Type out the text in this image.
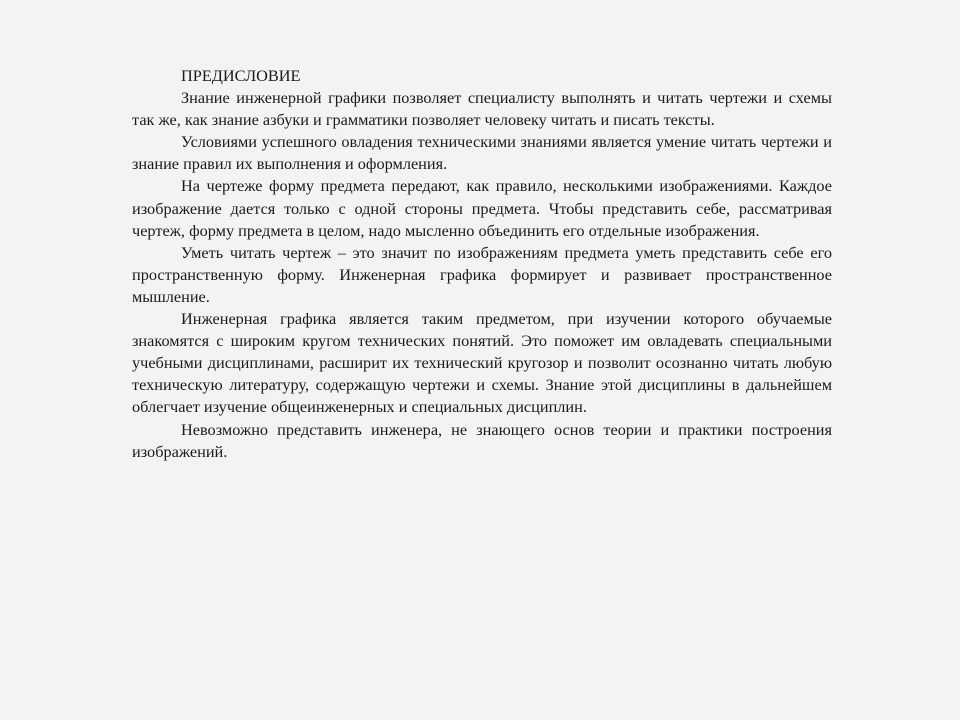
ПРЕДИСЛОВИЕ

Знание инженерной графики позволяет специалисту выполнять и читать чертежи и схемы так же, как знание азбуки и грамматики позволяет человеку читать и писать тексты.

Условиями успешного овладения техническими знаниями является умение читать чертежи и знание правил их выполнения и оформления.

На чертеже форму предмета передают, как правило, несколькими изображениями. Каждое изображение дается только с одной стороны предмета. Чтобы представить себе, рассматривая чертеж, форму предмета в целом, надо мысленно объединить его отдельные изображения.

Уметь читать чертеж – это значит по изображениям предмета уметь представить себе его пространственную форму. Инженерная графика формирует и развивает пространственное мышление.

Инженерная графика является таким предметом, при изучении которого обучаемые знакомятся с широким кругом технических понятий. Это поможет им овладевать специальными учебными дисциплинами, расширит их технический кругозор и позволит осознанно читать любую техническую литературу, содержащую чертежи и схемы. Знание этой дисциплины в дальнейшем облегчает изучение общеинженерных и специальных дисциплин.

Невозможно представить инженера, не знающего основ теории и практики построения изображений.
